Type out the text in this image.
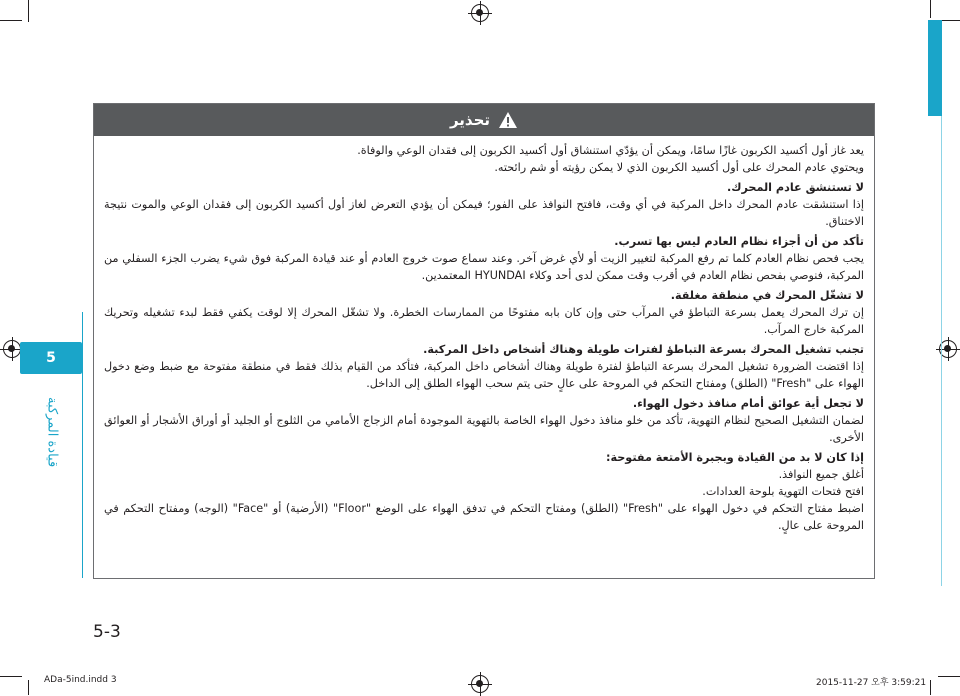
5
قيادة المركبة
تحذير

يعد غاز أول أكسيد الكربون غازًا سامًا، ويمكن أن يؤدّي استنشاق أول أكسيد الكربون إلى فقدان الوعي والوفاة.

ويحتوي عادم المحرك على أول أكسيد الكربون الذي لا يمكن رؤيته أو شم رائحته.

لا تستنشق عادم المحرك.

إذا استنشقت عادم المحرك داخل المركبة في أي وقت، فافتح النوافذ على الفور؛ فيمكن أن يؤدي التعرض لغاز أول أكسيد الكربون إلى فقدان الوعي والموت نتيجة الاختناق.

تأكد من أن أجزاء نظام العادم ليس بها تسرب.

يجب فحص نظام العادم كلما تم رفع المركبة لتغيير الزيت أو لأي غرض آخر. وعند سماع صوت خروج العادم أو عند قيادة المركبة فوق شيء يضرب الجزء السفلي من المركبة، فنوصي بفحص نظام العادم في أقرب وقت ممكن لدى أحد وكلاء HYUNDAI المعتمدين.

لا تشغّل المحرك في منطقة مغلقة.

إن ترك المحرك يعمل بسرعة التباطؤ في المرآب حتى وإن كان بابه مفتوحًا من الممارسات الخطرة. ولا تشغّل المحرك إلا لوقت يكفي فقط لبدء تشغيله وتحريك المركبة خارج المرآب.

تجنب تشغيل المحرك بسرعة التباطؤ لفترات طويلة وهناك أشخاص داخل المركبة.

إذا اقتضت الضرورة تشغيل المحرك بسرعة التباطؤ لفترة طويلة وهناك أشخاص داخل المركبة، فتأكد من القيام بذلك فقط في منطقة مفتوحة مع ضبط وضع دخول الهواء على "Fresh" (الطلق) ومفتاح التحكم في المروحة على عالٍ حتى يتم سحب الهواء الطلق إلى الداخل.

لا تجعل أية عوائق أمام منافذ دخول الهواء.

لضمان التشغيل الصحيح لنظام التهوية، تأكد من خلو منافذ دخول الهواء الخاصة بالتهوية الموجودة أمام الزجاج الأمامي من الثلوج أو الجليد أو أوراق الأشجار أو العوائق الأخرى.

إذا كان لا بد من القيادة وبجبرة الأمتعة مفتوحة:

أغلق جميع النوافذ.

افتح فتحات التهوية بلوحة العدادات.

اضبط مفتاح التحكم في دخول الهواء على "Fresh" (الطلق) ومفتاح التحكم في تدفق الهواء على الوضع "Floor" (الأرضية) أو "Face" (الوجه) ومفتاح التحكم في المروحة على عالٍ.

5-3
ADa-5ind.indd 3	2015-11-27 오후 3:59:21
